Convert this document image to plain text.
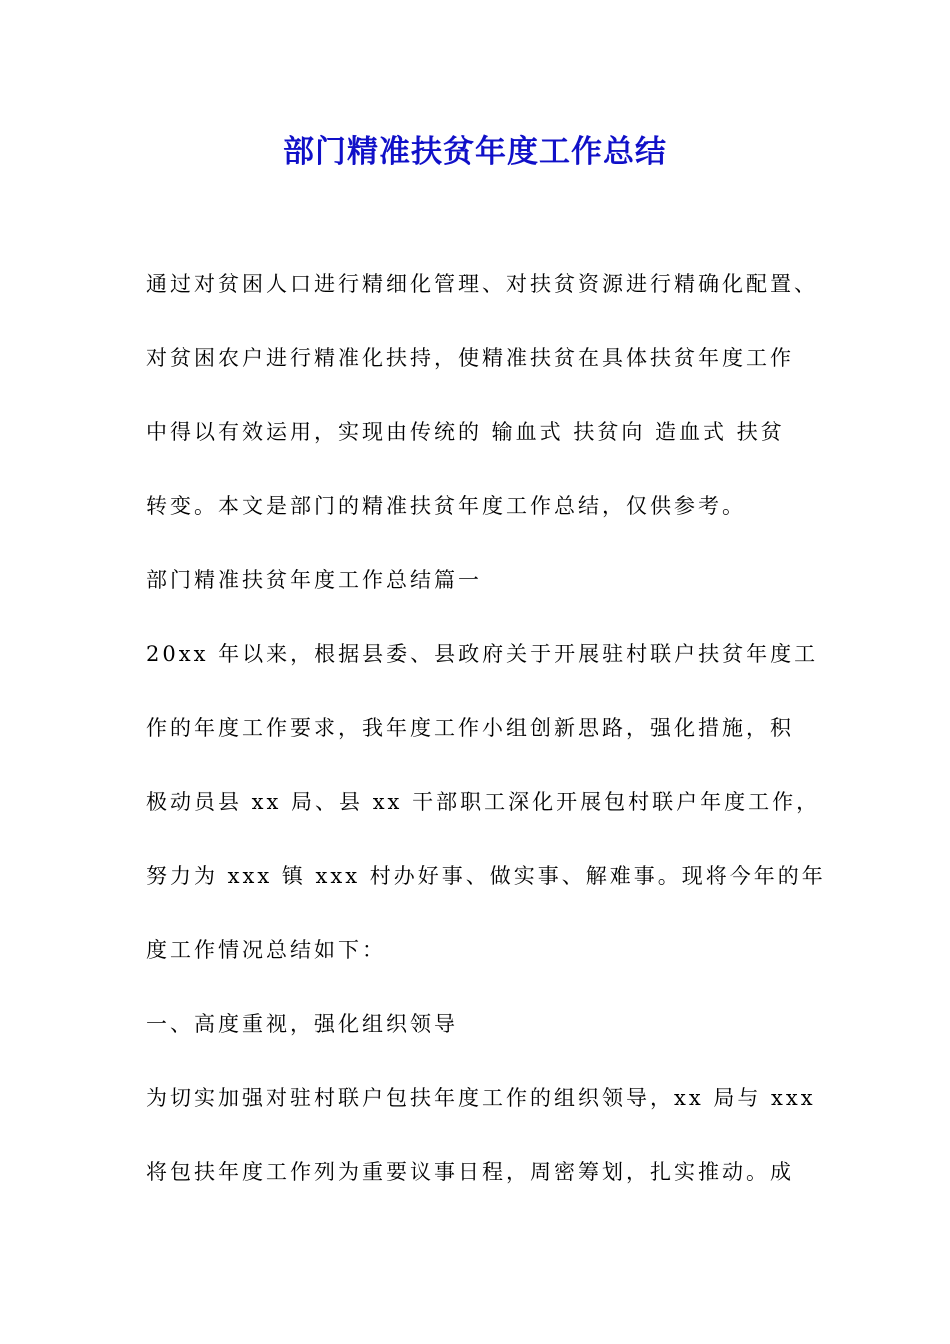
部门精准扶贫年度工作总结
通过对贫困人口进行精细化管理、对扶贫资源进行精确化配置、
对贫困农户进行精准化扶持，使精准扶贫在具体扶贫年度工作
中得以有效运用，实现由传统的 输血式 扶贫向 造血式 扶贫
转变。本文是部门的精准扶贫年度工作总结，仅供参考。
部门精准扶贫年度工作总结篇一
20xx 年以来，根据县委、县政府关于开展驻村联户扶贫年度工
作的年度工作要求，我年度工作小组创新思路，强化措施，积
极动员县 xx 局、县 xx 干部职工深化开展包村联户年度工作，
努力为 xxx 镇 xxx 村办好事、做实事、解难事。现将今年的年
度工作情况总结如下：
一、高度重视，强化组织领导
为切实加强对驻村联户包扶年度工作的组织领导，xx 局与 xxx
将包扶年度工作列为重要议事日程，周密筹划，扎实推动。成
